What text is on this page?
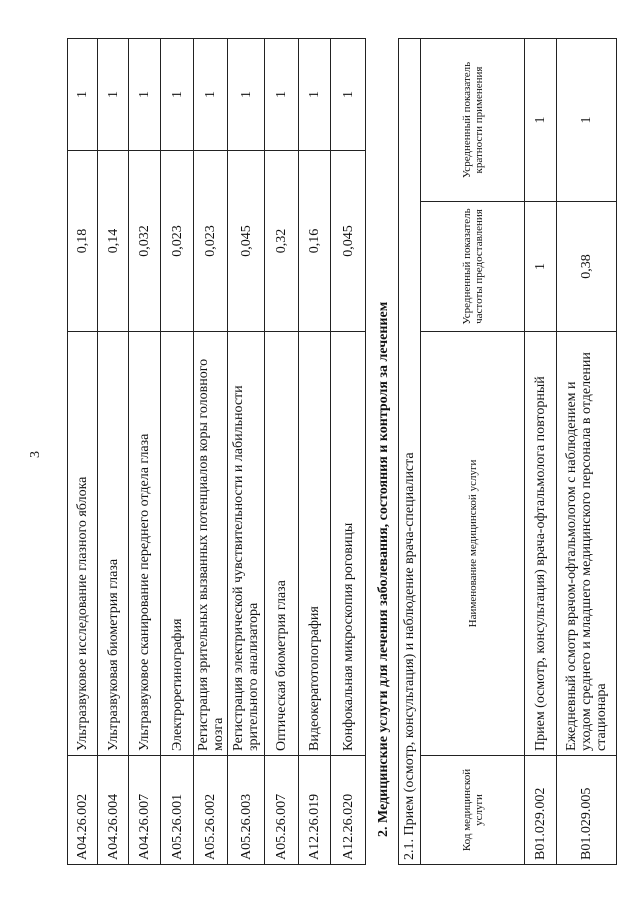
3
A04.26.002	Ультразвуковое исследование глазного яблока	0,18	1
A04.26.004	Ультразвуковая биометрия глаза	0,14	1
A04.26.007	Ультразвуковое сканирование переднего отдела глаза	0,032	1
A05.26.001	Электроретинография	0,023	1
A05.26.002	Регистрация зрительных вызванных потенциалов коры головного мозга	0,023	1
A05.26.003	Регистрация электрической чувствительности и лабильности зрительного анализатора	0,045	1
A05.26.007	Оптическая биометрия глаза	0,32	1
A12.26.019	Видеокератотопография	0,16	1
A12.26.020	Конфокальная микроскопия роговицы	0,045	1
2. Медицинские услуги для лечения заболевания, состояния и контроля за лечением 2.1. Прием (осмотр, консультация) и наблюдение врача-специалиста			
Код медицинской услуги	Наименование медицинской услуги	Усредненный показатель частоты предоставления	Усредненный показатель кратности применения
B01.029.002	Прием (осмотр, консультация) врача-офтальмолога повторный	1	1
B01.029.005	Ежедневный осмотр врачом-офтальмологом с наблюдением и уходом среднего и младшего медицинского персонала в отделении стационара	0,38	1
